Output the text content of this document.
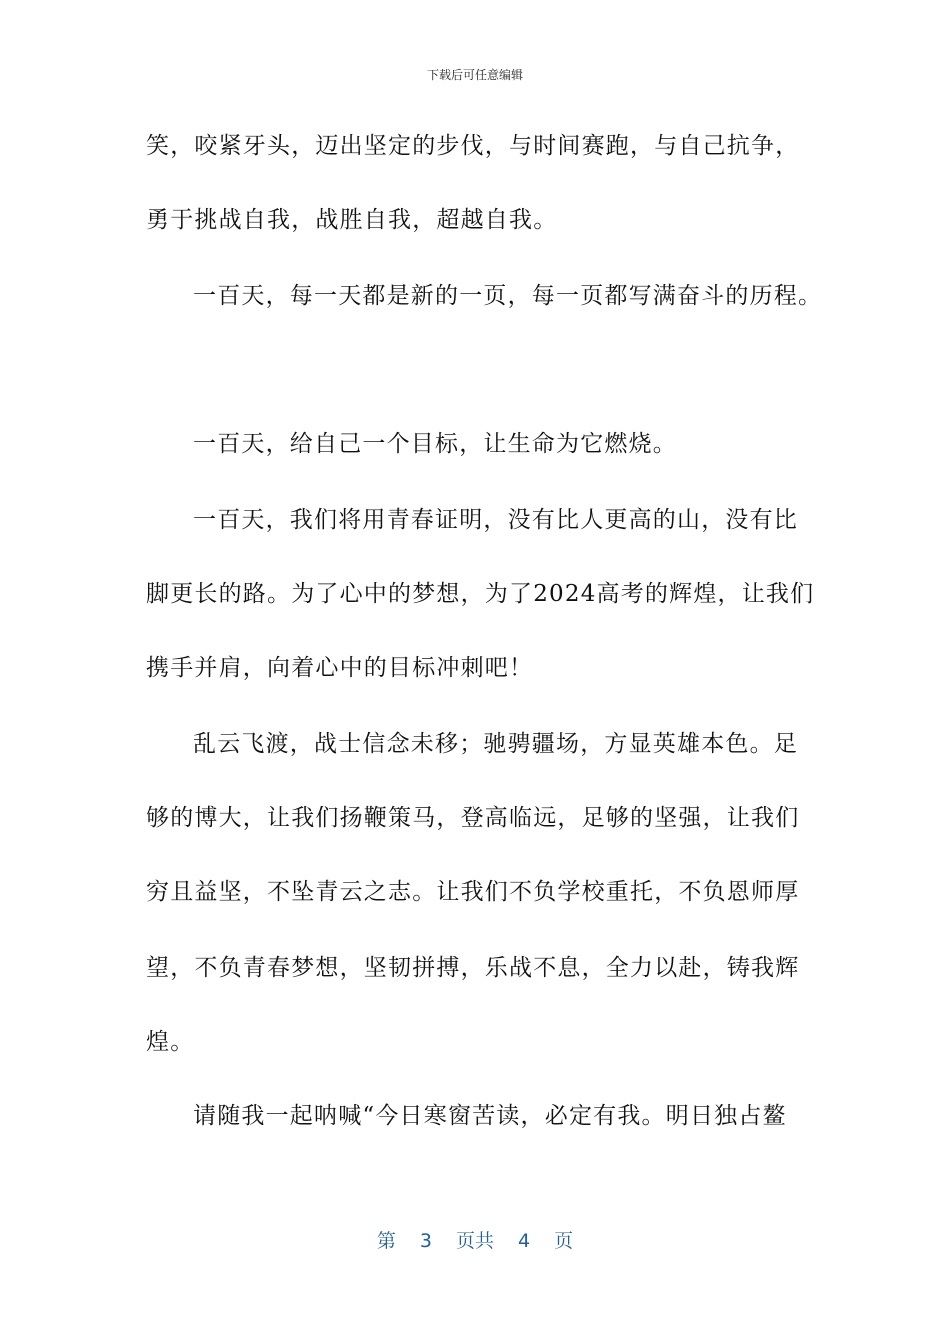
下载后可任意编辑
笑，咬紧牙头，迈出坚定的步伐，与时间赛跑，与自己抗争，
勇于挑战自我，战胜自我，超越自我。
一百天，每一天都是新的一页，每一页都写满奋斗的历程。
一百天，给自己一个目标，让生命为它燃烧。
一百天，我们将用青春证明，没有比人更高的山，没有比
脚更长的路。为了心中的梦想，为了2024高考的辉煌，让我们
携手并肩，向着心中的目标冲刺吧！
乱云飞渡，战士信念未移；驰骋疆场，方显英雄本色。足
够的博大，让我们扬鞭策马，登高临远，足够的坚强，让我们
穷且益坚，不坠青云之志。让我们不负学校重托，不负恩师厚
望，不负青春梦想，坚韧拼搏，乐战不息，全力以赴，铸我辉
煌。
请随我一起呐喊“今日寒窗苦读，必定有我。明日独占鳌
第 3 页共 4 页
